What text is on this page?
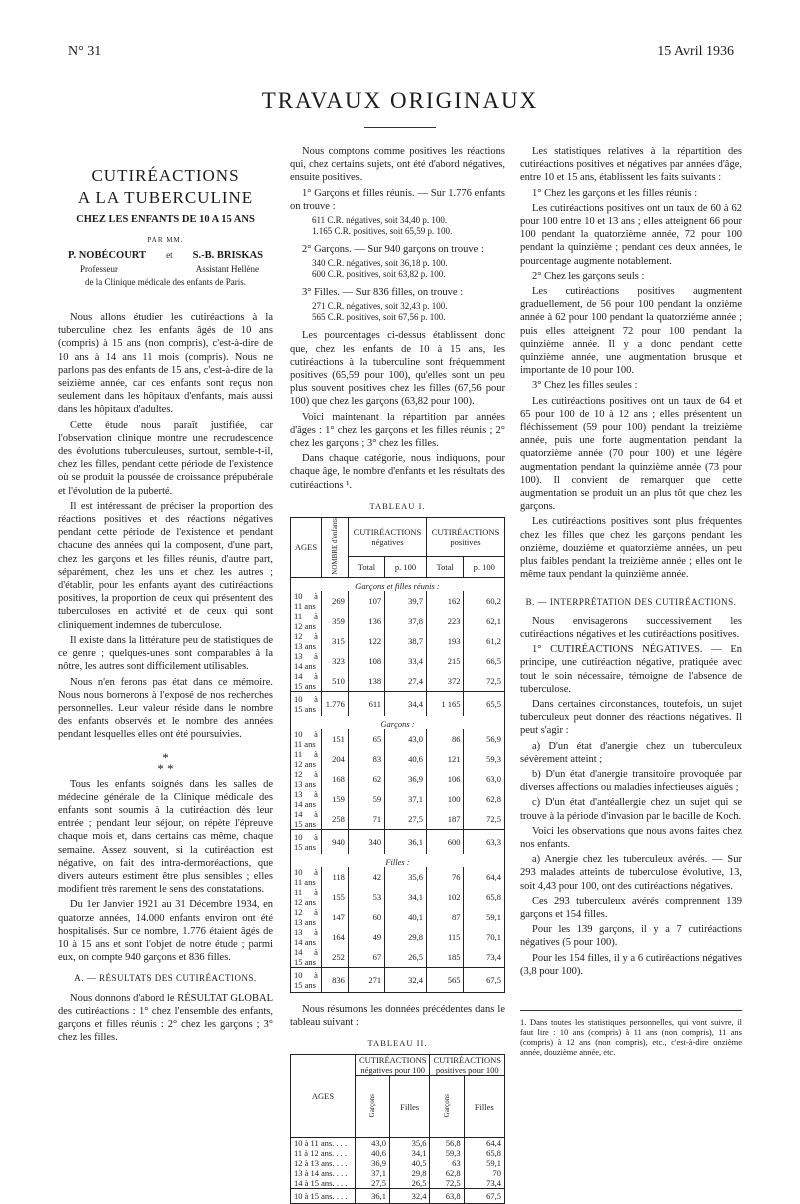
N° 31	15 Avril 1936
TRAVAUX ORIGINAUX
CUTIRÉACTIONS
A LA TUBERCULINE
CHEZ LES ENFANTS DE 10 A 15 ANS
PAR MM.
P. NOBÉCOURT et S.-B. BRISKAS
Professeur	Assistant Hellène
de la Clinique médicale des enfants de Paris.

Nous allons étudier les cutiréactions à la tuberculine chez les enfants âgés de 10 ans (compris) à 15 ans (non compris), c'est-à-dire de 10 ans à 14 ans 11 mois (compris). Nous ne parlons pas des enfants de 15 ans, c'est-à-dire de la seizième année, car ces enfants sont reçus non seulement dans les hôpitaux d'enfants, mais aussi dans les hôpitaux d'adultes.

Cette étude nous paraît justifiée, car l'observation clinique montre une recrudescence des évolutions tuberculeuses, surtout, semble-t-il, chez les filles, pendant cette période de l'existence où se produit la poussée de croissance prépubérale et l'évolution de la puberté.

Il est intéressant de préciser la proportion des réactions positives et des réactions négatives pendant cette période de l'existence et pendant chacune des années qui la composent, d'une part, chez les garçons et les filles réunis, d'autre part, séparément, chez les uns et chez les autres ; d'établir, pour les enfants ayant des cutiréactions positives, la proportion de ceux qui présentent des tuberculoses en activité et de ceux qui sont cliniquement indemnes de tuberculose.

Il existe dans la littérature peu de statistiques de ce genre ; quelques-unes sont comparables à la nôtre, les autres sont difficilement utilisables.

Nous n'en ferons pas état dans ce mémoire. Nous nous bornerons à l'exposé de nos recherches personnelles. Leur valeur réside dans le nombre des enfants observés et le nombre des années pendant lesquelles elles ont été poursuivies.

*
* *

Tous les enfants soignés dans les salles de médecine générale de la Clinique médicale des enfants sont soumis à la cutiréaction dès leur entrée ; pendant leur séjour, on répète l'épreuve chaque mois et, dans certains cas même, chaque semaine. Assez souvent, si la cutiréaction est négative, on fait des intra-dermoréactions, que divers auteurs estiment être plus sensibles ; elles modifient très rarement le sens des constatations.

Du 1er Janvier 1921 au 31 Décembre 1934, en quatorze années, 14.000 enfants environ ont été hospitalisés. Sur ce nombre, 1.776 étaient âgés de 10 à 15 ans et sont l'objet de notre étude ; parmi eux, on compte 940 garçons et 836 filles.

A. — RÉSULTATS DES CUTIRÉACTIONS.

Nous donnons d'abord le RÉSULTAT GLOBAL des cutiréactions : 1° chez l'ensemble des enfants, garçons et filles réunis : 2° chez les garçons ; 3° chez les filles.

Nous comptons comme positives les réactions qui, chez certains sujets, ont été d'abord négatives, ensuite positives.

1° Garçons et filles réunis. — Sur 1.776 enfants on trouve :

611 C.R. négatives, soit 34,40 p. 100.
1.165 C.R. positives, soit 65,59 p. 100.

2° Garçons. — Sur 940 garçons on trouve :

340 C.R. négatives, soit 36,18 p. 100.
600 C.R. positives, soit 63,82 p. 100.

3° Filles. — Sur 836 filles, on trouve :

271 C.R. négatives, soit 32,43 p. 100.
565 C.R. positives, soit 67,56 p. 100.

Les pourcentages ci-dessus établissent donc que, chez les enfants de 10 à 15 ans, les cutiréactions à la tuberculine sont fréquemment positives (65,59 pour 100), qu'elles sont un peu plus souvent positives chez les filles (67,56 pour 100) que chez les garçons (63,82 pour 100).

Voici maintenant la répartition par années d'âges : 1° chez les garçons et les filles réunis ; 2° chez les garçons ; 3° chez les filles.

Dans chaque catégorie, nous indiquons, pour chaque âge, le nombre d'enfants et les résultats des cutiréactions ¹.

TABLEAU I.
AGES	NOMBRE d'enfants	CUTIRÉACTIONS négatives		CUTIRÉACTIONS positives	
		Total	p. 100	Total	p. 100
Garçons et filles réunis :					
10 à 11 ans	269	107	39,7	162	60,2
11 à 12 ans	359	136	37,8	223	62,1
12 à 13 ans	315	122	38,7	193	61,2
13 à 14 ans	323	108	33,4	215	66,5
14 à 15 ans	510	138	27,4	372	72,5
10 à 15 ans	1.776	611	34,4	1 165	65,5
Garçons :					
10 à 11 ans	151	65	43,0	86	56,9
11 à 12 ans	204	83	40,6	121	59,3
12 à 13 ans	168	62	36,9	106	63,0
13 à 14 ans	159	59	37,1	100	62,8
14 à 15 ans	258	71	27,5	187	72,5
10 à 15 ans	940	340	36,1	600	63,3
Filles :					
10 à 11 ans	118	42	35,6	76	64,4
11 à 12 ans	155	53	34,1	102	65,8
12 à 13 ans	147	60	40,1	87	59,1
13 à 14 ans	164	49	29,8	115	70,1
14 à 15 ans	252	67	26,5	185	73,4
10 à 15 ans	836	271	32,4	565	67,5

Nous résumons les données précédentes dans le tableau suivant :

TABLEAU II.
AGES	CUTIRÉACTIONS négatives pour 100		CUTIRÉACTIONS positives pour 100	
	Garçons	Filles	Garçons	Filles
10 à 11 ans. . . .	43,0	35,6	56,8	64,4
11 à 12 ans. . . .	40,6	34,1	59,3	65,8
12 à 13 ans. . . .	36,9	40,5	63	59,1
13 à 14 ans. . . .	37,1	29,8	62,8	70
14 à 15 ans. . . .	27,5	26,5	72,5	73,4
10 à 15 ans. . . .	36,1	32,4	63,8	67,5

Les statistiques relatives à la répartition des cutiréactions positives et négatives par années d'âge, entre 10 et 15 ans, établissent les faits suivants :

1° Chez les garçons et les filles réunis :

Les cutiréactions positives ont un taux de 60 à 62 pour 100 entre 10 et 13 ans ; elles atteignent 66 pour 100 pendant la quatorzième année, 72 pour 100 pendant la quinzième ; pendant ces deux années, le pourcentage augmente notablement.

2° Chez les garçons seuls :

Les cutiréactions positives augmentent graduellement, de 56 pour 100 pendant la onzième année à 62 pour 100 pendant la quatorzième année ; puis elles atteignent 72 pour 100 pendant la quinzième année. Il y a donc pendant cette quinzième année, une augmentation brusque et importante de 10 pour 100.

3° Chez les filles seules :

Les cutiréactions positives ont un taux de 64 et 65 pour 100 de 10 à 12 ans ; elles présentent un fléchissement (59 pour 100) pendant la treizième année, puis une forte augmentation pendant la quatorzième année (70 pour 100) et une légère augmentation pendant la quinzième année (73 pour 100). Il convient de remarquer que cette augmentation se produit un an plus tôt que chez les garçons.

Les cutiréactions positives sont plus fréquentes chez les filles que chez les garçons pendant les onzième, douzième et quatorzième années, un peu plus faibles pendant la treizième année ; elles ont le même taux pendant la quinzième année.

B. — INTERPRÉTATION DES CUTIRÉACTIONS.

Nous envisagerons successivement les cutiréactions négatives et les cutiréactions positives.

1° CUTIRÉACTIONS NÉGATIVES. — En principe, une cutiréaction négative, pratiquée avec tout le soin nécessaire, témoigne de l'absence de tuberculose.

Dans certaines circonstances, toutefois, un sujet tuberculeux peut donner des réactions négatives. Il peut s'agir :

a) D'un état d'anergie chez un tuberculeux sévèrement atteint ;

b) D'un état d'anergie transitoire provoquée par diverses affections ou maladies infectieuses aiguës ;

c) D'un état d'antéallergie chez un sujet qui se trouve à la période d'invasion par le bacille de Koch.

Voici les observations que nous avons faites chez nos enfants.

a) Anergie chez les tuberculeux avérés. — Sur 293 malades atteints de tuberculose évolutive, 13, soit 4,43 pour 100, ont des cutiréactions négatives.

Ces 293 tuberculeux avérés comprennent 139 garçons et 154 filles.

Pour les 139 garçons, il y a 7 cutiréactions négatives (5 pour 100).

Pour les 154 filles, il y a 6 cutiréactions négatives (3,8 pour 100).

1. Dans toutes les statistiques personnelles, qui vont suivre, il faut lire : 10 ans (compris) à 11 ans (non compris), 11 ans (compris) à 12 ans (non compris), etc., c'est-à-dire onzième année, douzième année, etc.
